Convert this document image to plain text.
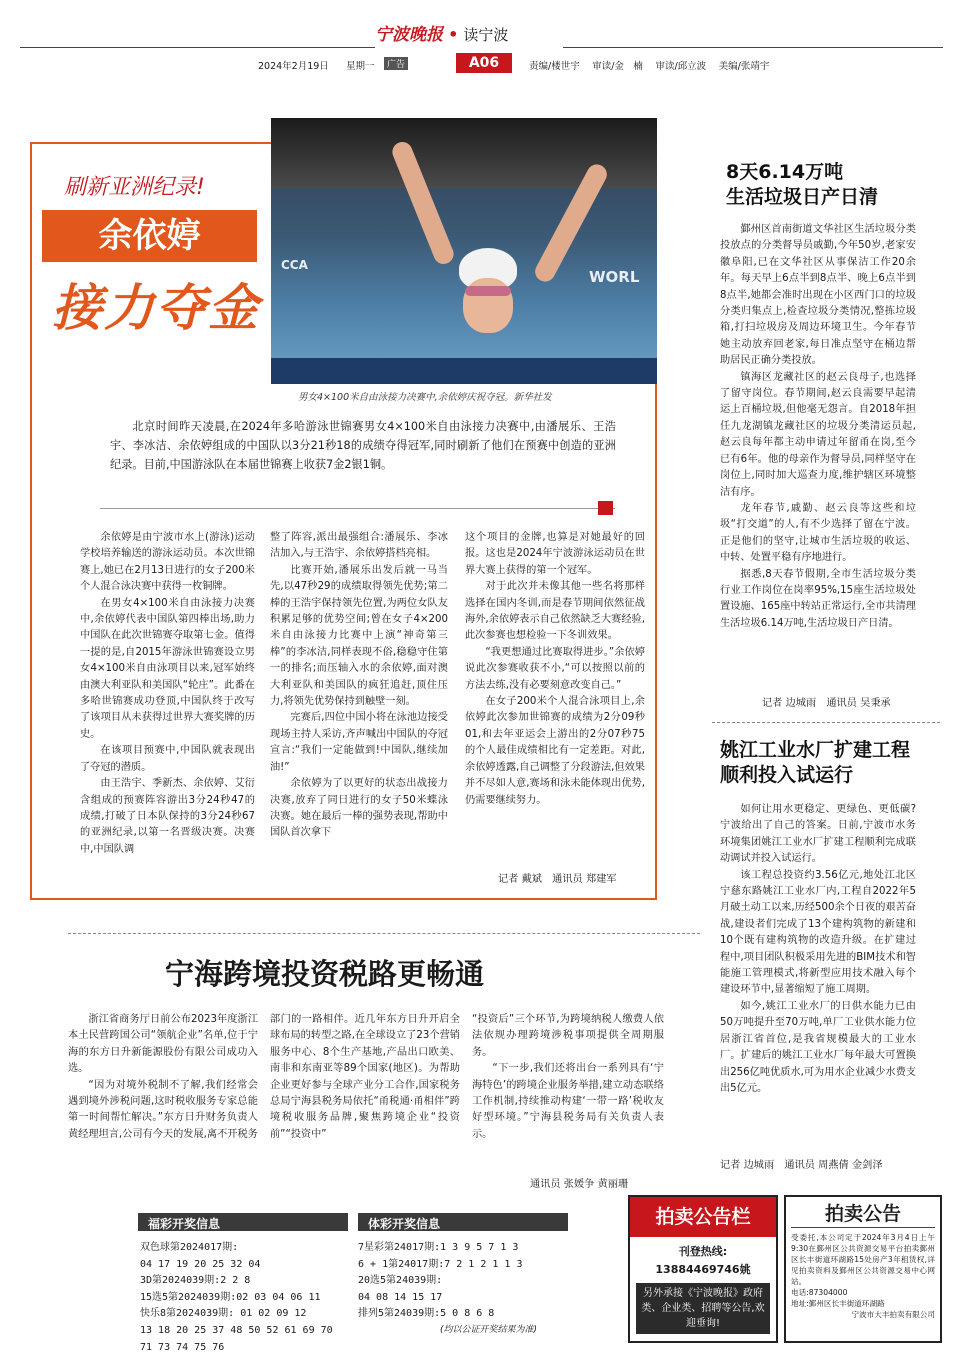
宁波晚报 • 读宁波
2024年2月19日 星期一	广告	A06	责编/楼世宇　 审读/金　楠　 审读/邱立波　 美编/张靖宇
CCA
WORL
刷新亚洲纪录!
余依婷
接力夺金
男女4×100米自由泳接力决赛中,余依婷庆祝夺冠。新华社发
北京时间昨天凌晨,在2024年多哈游泳世锦赛男女4×100米自由泳接力决赛中,由潘展乐、王浩宇、李冰洁、余依婷组成的中国队以3分21秒18的成绩夺得冠军,同时刷新了他们在预赛中创造的亚洲纪录。目前,中国游泳队在本届世锦赛上收获7金2银1铜。

余依婷是由宁波市水上(游泳)运动学校培养输送的游泳运动员。本次世锦赛上,她已在2月13日进行的女子200米个人混合泳决赛中获得一枚铜牌。

在男女4×100米自由泳接力决赛中,余依婷代表中国队第四棒出场,助力中国队在此次世锦赛夺取第七金。值得一提的是,自2015年游泳世锦赛设立男女4×100米自由泳项目以来,冠军始终由澳大利亚队和美国队“轮庄”。此番在多哈世锦赛成功登顶,中国队终于改写了该项目从未获得过世界大赛奖牌的历史。

在该项目预赛中,中国队就表现出了夺冠的潜质。

由王浩宇、季新杰、余依婷、艾衍含组成的预赛阵容游出3分24秒47的成绩,打破了日本队保持的3分24秒67的亚洲纪录,以第一名晋级决赛。决赛中,中国队调

整了阵容,派出最强组合:潘展乐、李冰洁加入,与王浩宇、余依婷搭档亮相。

比赛开始,潘展乐出发后就一马当先,以47秒29的成绩取得领先优势;第二棒的王浩宇保持领先位置,为两位女队友积累足够的优势空间;曾在女子4×200米自由泳接力比赛中上演“神奇第三棒”的李冰洁,同样表现不俗,稳稳守住第一的排名;而压轴入水的余依婷,面对澳大利亚队和美国队的疯狂追赶,顶住压力,将领先优势保持到触壁一刻。

完赛后,四位中国小将在泳池边接受现场主持人采访,齐声喊出中国队的夺冠宣言:“我们一定能做到!中国队,继续加油!”

余依婷为了以更好的状态出战接力决赛,放弃了同日进行的女子50米蝶泳决赛。她在最后一棒的强势表现,帮助中国队首次拿下

这个项目的金牌,也算是对她最好的回报。这也是2024年宁波游泳运动员在世界大赛上获得的第一个冠军。

对于此次并未像其他一些名将那样选择在国内冬训,而是春节期间依然征战海外,余依婷表示自己依然缺乏大赛经验,此次参赛也想检验一下冬训效果。

“我更想通过比赛取得进步。”余依婷说此次参赛收获不小,“可以按照以前的方法去练,没有必要刻意改变自己。”

在女子200米个人混合泳项目上,余依婷此次参加世锦赛的成绩为2分09秒01,和去年亚运会上游出的2分07秒75的个人最佳成绩相比有一定差距。对此,余依婷透露,自己调整了分段游法,但效果并不尽如人意,赛场和泳未能体现出优势,仍需要继续努力。

记者 戴斌　通讯员 郑建军
8天6.14万吨
生活垃圾日产日清

鄞州区首南街道文华社区生活垃圾分类投放点的分类督导员戚勤,今年50岁,老家安徽阜阳,已在文华社区从事保洁工作20余年。每天早上6点半到8点半、晚上6点半到8点半,她都会准时出现在小区西门口的垃圾分类归集点上,检查垃圾分类情况,整拣垃圾箱,打扫垃圾房及周边环境卫生。今年春节她主动放弃回老家,每日准点坚守在桶边帮助居民正确分类投放。

镇海区龙藏社区的赵云良母子,也选择了留守岗位。春节期间,赵云良需要早起清运上百桶垃圾,但他毫无怨言。自2018年担任九龙湖镇龙藏社区的垃圾分类清运员起,赵云良每年都主动申请过年留甬在岗,至今已有6年。他的母亲作为督导员,同样坚守在岗位上,同时加大巡查力度,维护辖区环境整洁有序。

龙年春节,戚勤、赵云良等这些和垃圾“打交道”的人,有不少选择了留在宁波。正是他们的坚守,让城市生活垃圾的收运、中转、处置平稳有序地进行。

据悉,8天春节假期,全市生活垃圾分类行业工作岗位在岗率95%,15座生活垃圾处置设施、165座中转站正常运行,全市共清理生活垃圾6.14万吨,生活垃圾日产日清。

记者 边城雨　通讯员 吴秉承
姚江工业水厂扩建工程
顺利投入试运行

如何让用水更稳定、更绿色、更低碳?宁波给出了自己的答案。日前,宁波市水务环境集团姚江工业水厂扩建工程顺利完成联动调试并投入试运行。

该工程总投资约3.56亿元,地处江北区宁慈东路姚江工业水厂内,工程自2022年5月破土动工以来,历经500余个日夜的艰苦奋战,建设者们完成了13个建构筑物的新建和10个既有建构筑物的改造升级。在扩建过程中,项目团队积极采用先进的BIM技术和智能施工管理模式,将新型应用技术融入每个建设环节中,显著缩短了施工周期。

如今,姚江工业水厂的日供水能力已由50万吨提升至70万吨,单厂工业供水能力位居浙江省首位,是我省规模最大的工业水厂。扩建后的姚江工业水厂每年最大可置换出256亿吨优质水,可为用水企业减少水费支出5亿元。

记者 边城雨　通讯员 周燕倩 金剑泽
宁海跨境投资税路更畅通

浙江省商务厅日前公布2023年度浙江本土民营跨国公司“领航企业”名单,位于宁海的东方日升新能源股份有限公司成功入选。

“因为对境外税制不了解,我们经常会遇到境外涉税问题,这时税收服务专家总能第一时间帮忙解决。”东方日升财务负责人黄经理坦言,公司有今天的发展,离不开税务

部门的一路相伴。近几年东方日升开启全球布局的转型之路,在全球设立了23个营销服务中心、8个生产基地,产品出口欧美、南非和东南亚等89个国家(地区)。为帮助企业更好参与全球产业分工合作,国家税务总局宁海县税务局依托“甬税通·甬相伴”跨境税收服务品牌,聚焦跨境企业“投资前”“投资中”

“投资后”三个环节,为跨境纳税人缴费人依法依规办理跨境涉税事项提供全周期服务。

“下一步,我们还将出台一系列具有‘宁海特色’的跨境企业服务举措,建立动态联络工作机制,持续推动构建‘一带一路’税收友好型环境。”宁海县税务局有关负责人表示。

通讯员 张媛争 黄丽珊
福彩开奖信息
双色球第2024017期:
04 17 19 20 25 32 04
3D第2024039期:2 2 8
15选5第2024039期:02 03 04 06 11
快乐8第2024039期: 01 02 09 12
13 18 20 25 37 48 50 52 61 69 70
71 73 74 75 76
体彩开奖信息
7星彩第24017期:1 3 9 5 7 1 3
6 + 1第24017期:7 2 1 2 1 1 3
20选5第24039期:
04 08 14 15 17
排列5第24039期:5 0 8 6 8
(均以公证开奖结果为准)
拍卖公告栏
刊登热线:
13884469746姚
另外承接《宁波晚报》政府类、企业类、招聘等公告,欢迎垂询!
拍卖公告
受委托,本公司定于2024年3月4日上午9:30在鄞州区公共资源交易平台拍卖鄞州区长丰街道环湖路15处房产3年租赁权,详见拍卖资料及鄞州区公共资源交易中心网站。
电话:87304000
地址:鄞州区长丰街道环湖路
宁波市大丰拍卖有限公司
